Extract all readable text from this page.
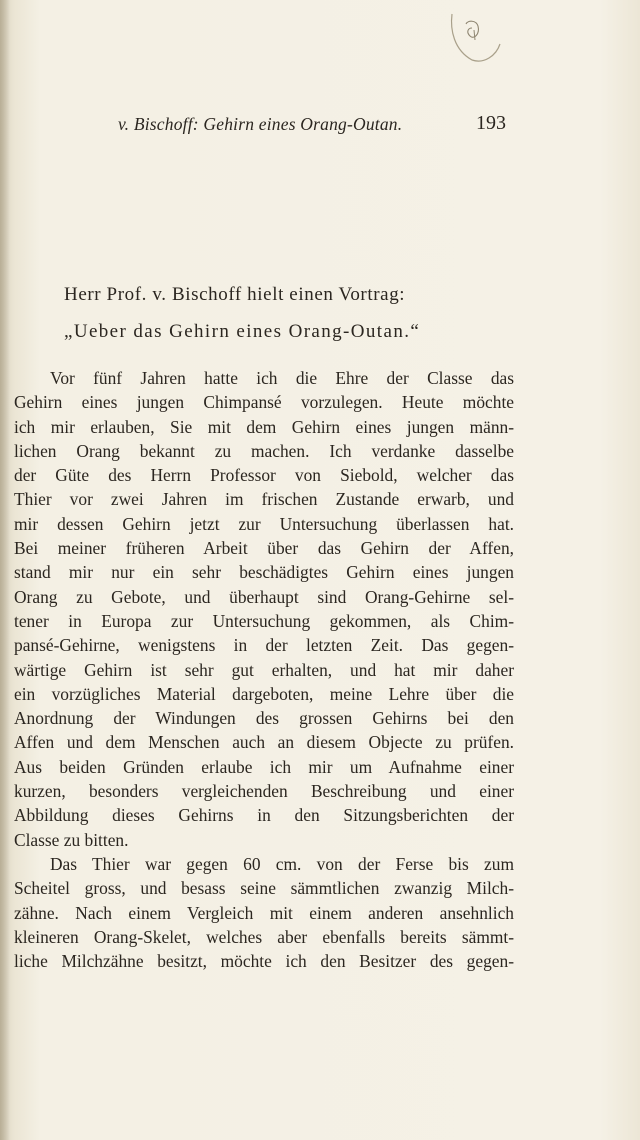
v. Bischoff: Gehirn eines Orang-Outan.	193
Herr Prof. v. Bischoff hielt einen Vortrag:
„Ueber das Gehirn eines Orang-Outan.“
Vor fünf Jahren hatte ich die Ehre der Classe das
Gehirn eines jungen Chimpansé vorzulegen. Heute möchte
ich mir erlauben, Sie mit dem Gehirn eines jungen männ-
lichen Orang bekannt zu machen. Ich verdanke dasselbe
der Güte des Herrn Professor von Siebold, welcher das
Thier vor zwei Jahren im frischen Zustande erwarb, und
mir dessen Gehirn jetzt zur Untersuchung überlassen hat.
Bei meiner früheren Arbeit über das Gehirn der Affen,
stand mir nur ein sehr beschädigtes Gehirn eines jungen
Orang zu Gebote, und überhaupt sind Orang-Gehirne sel-
tener in Europa zur Untersuchung gekommen, als Chim-
pansé-Gehirne, wenigstens in der letzten Zeit. Das gegen-
wärtige Gehirn ist sehr gut erhalten, und hat mir daher
ein vorzügliches Material dargeboten, meine Lehre über die
Anordnung der Windungen des grossen Gehirns bei den
Affen und dem Menschen auch an diesem Objecte zu prüfen.
Aus beiden Gründen erlaube ich mir um Aufnahme einer
kurzen, besonders vergleichenden Beschreibung und einer
Abbildung dieses Gehirns in den Sitzungsberichten der
Classe zu bitten.
Das Thier war gegen 60 cm. von der Ferse bis zum
Scheitel gross, und besass seine sämmtlichen zwanzig Milch-
zähne. Nach einem Vergleich mit einem anderen ansehnlich
kleineren Orang-Skelet, welches aber ebenfalls bereits sämmt-
liche Milchzähne besitzt, möchte ich den Besitzer des gegen-
